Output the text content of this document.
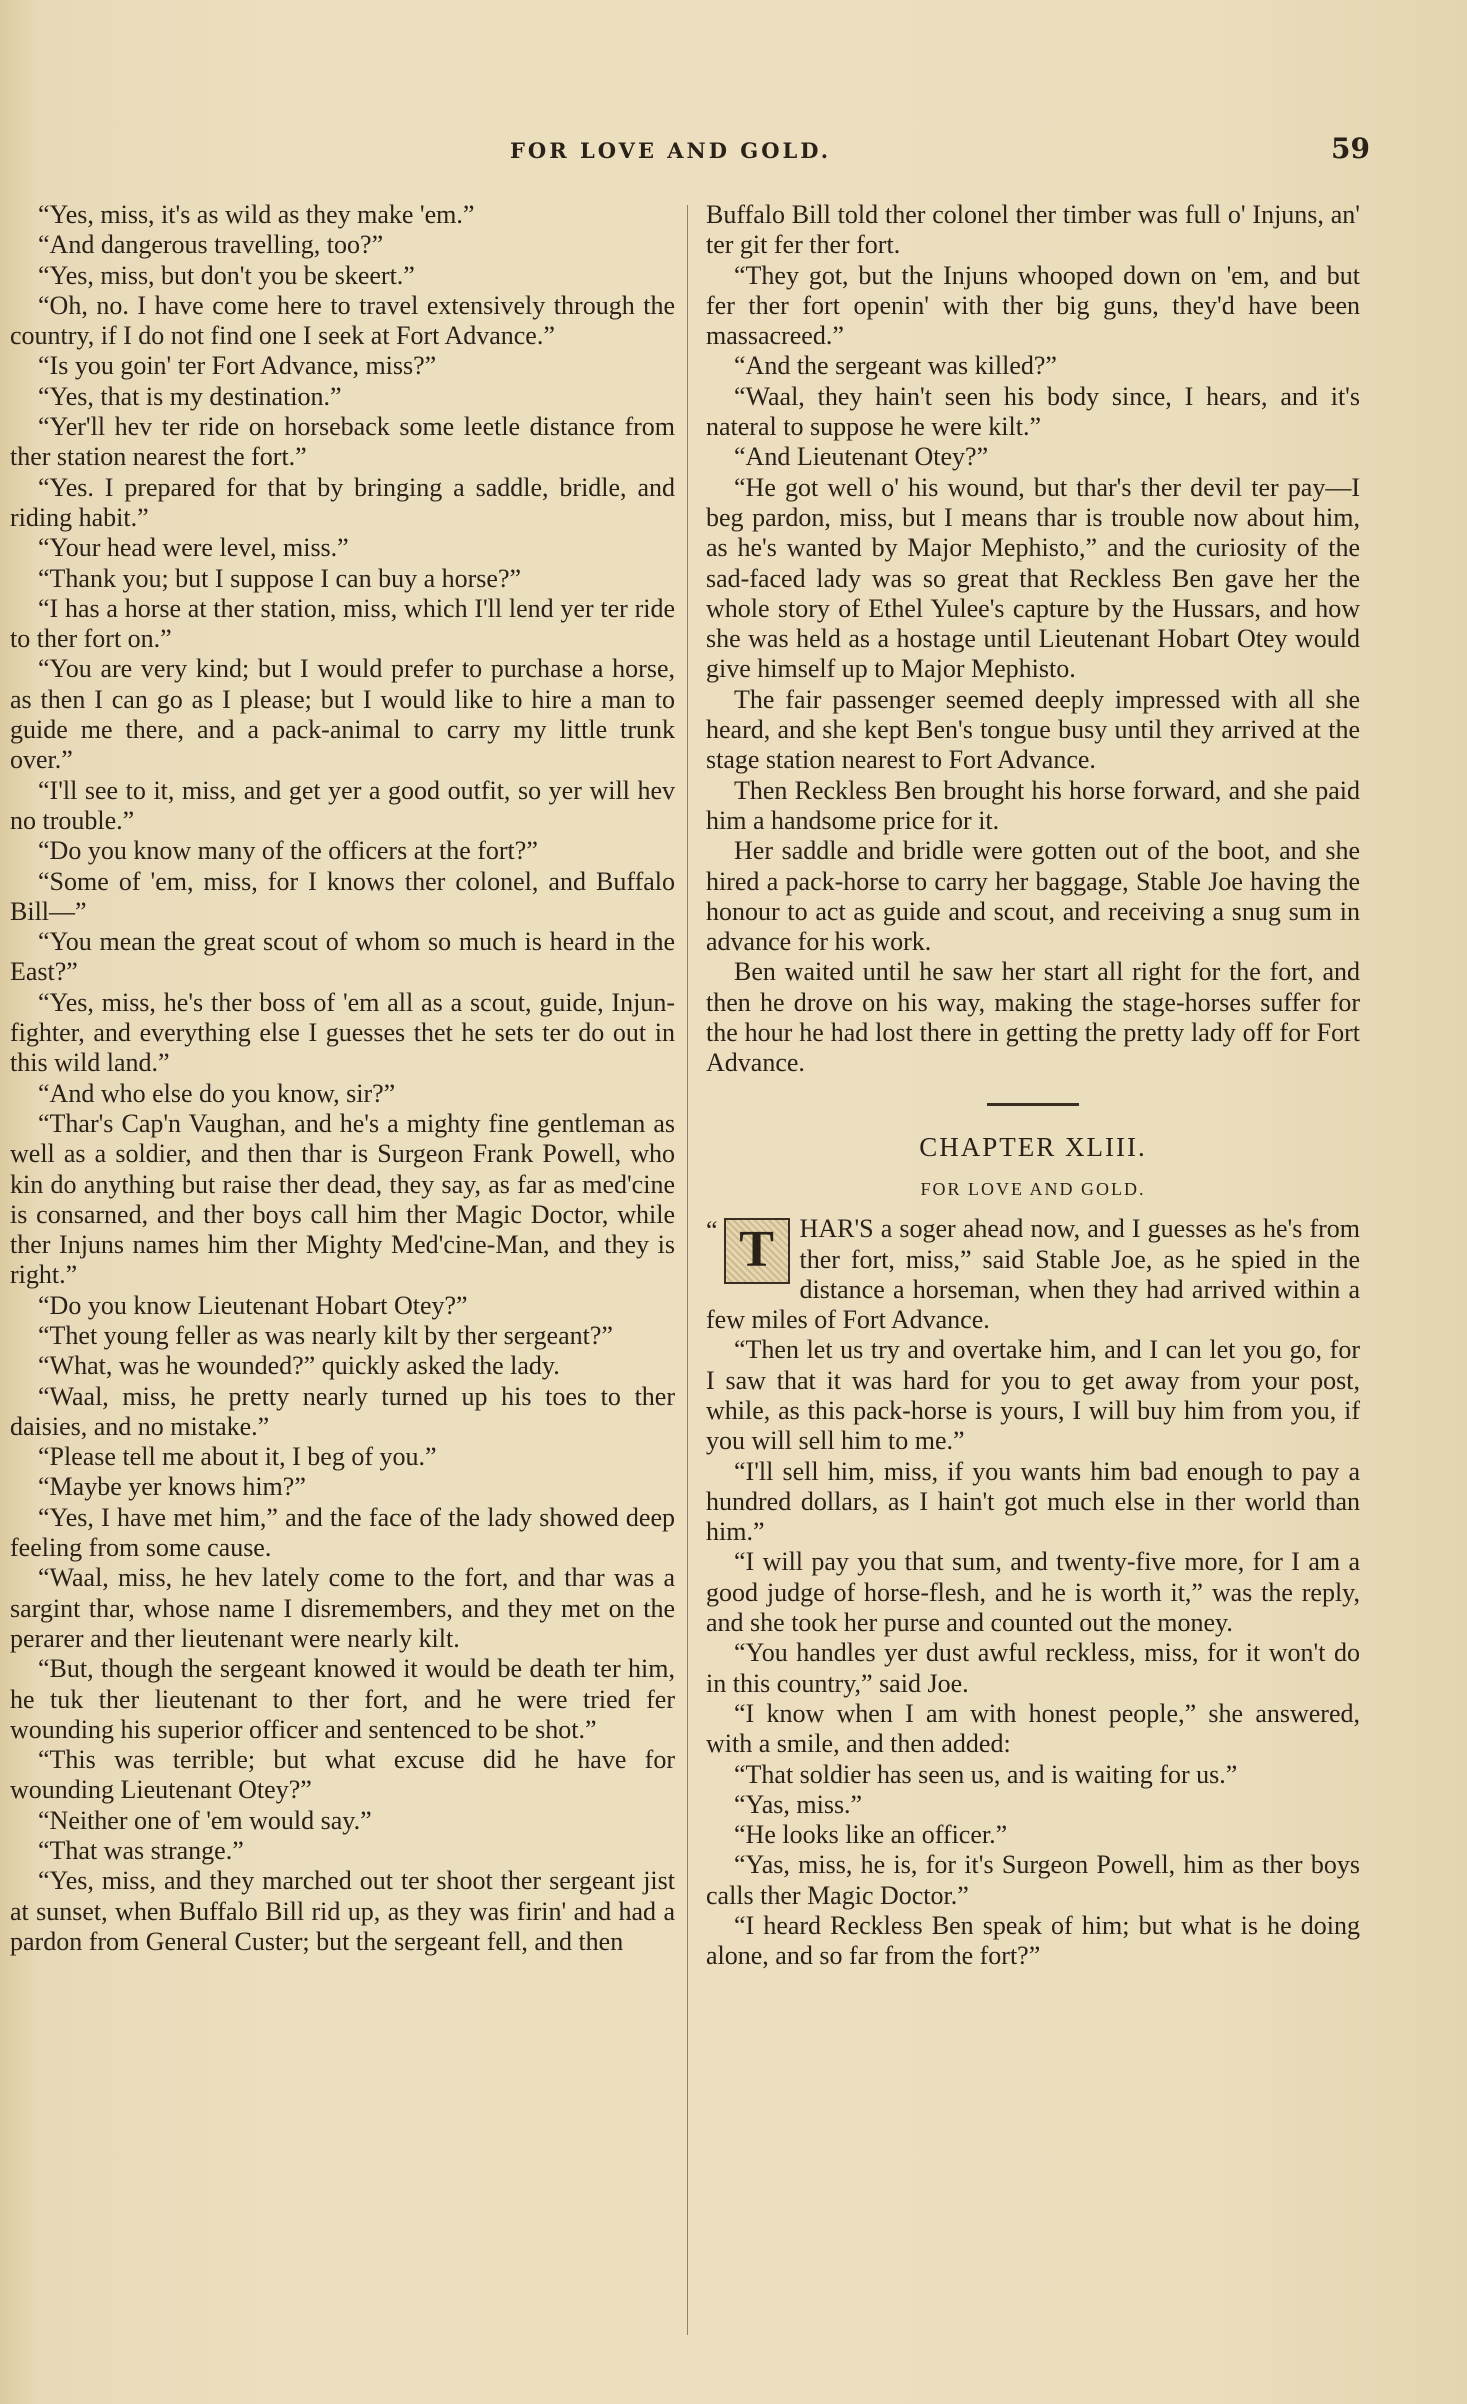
FOR LOVE AND GOLD.	59

“Yes, miss, it's as wild as they make 'em.”

“And dangerous travelling, too?”

“Yes, miss, but don't you be skeert.”

“Oh, no. I have come here to travel extensively through the country, if I do not find one I seek at Fort Advance.”

“Is you goin' ter Fort Advance, miss?”

“Yes, that is my destination.”

“Yer'll hev ter ride on horseback some leetle distance from ther station nearest the fort.”

“Yes. I prepared for that by bringing a saddle, bridle, and riding habit.”

“Your head were level, miss.”

“Thank you; but I suppose I can buy a horse?”

“I has a horse at ther station, miss, which I'll lend yer ter ride to ther fort on.”

“You are very kind; but I would prefer to purchase a horse, as then I can go as I please; but I would like to hire a man to guide me there, and a pack-animal to carry my little trunk over.”

“I'll see to it, miss, and get yer a good outfit, so yer will hev no trouble.”

“Do you know many of the officers at the fort?”

“Some of 'em, miss, for I knows ther colonel, and Buffalo Bill—”

“You mean the great scout of whom so much is heard in the East?”

“Yes, miss, he's ther boss of 'em all as a scout, guide, Injun-fighter, and everything else I guesses thet he sets ter do out in this wild land.”

“And who else do you know, sir?”

“Thar's Cap'n Vaughan, and he's a mighty fine gentleman as well as a soldier, and then thar is Surgeon Frank Powell, who kin do anything but raise ther dead, they say, as far as med'cine is consarned, and ther boys call him ther Magic Doctor, while ther Injuns names him ther Mighty Med'cine-Man, and they is right.”

“Do you know Lieutenant Hobart Otey?”

“Thet young feller as was nearly kilt by ther sergeant?”

“What, was he wounded?” quickly asked the lady.

“Waal, miss, he pretty nearly turned up his toes to ther daisies, and no mistake.”

“Please tell me about it, I beg of you.”

“Maybe yer knows him?”

“Yes, I have met him,” and the face of the lady showed deep feeling from some cause.

“Waal, miss, he hev lately come to the fort, and thar was a sargint thar, whose name I disremembers, and they met on the perarer and ther lieutenant were nearly kilt.

“But, though the sergeant knowed it would be death ter him, he tuk ther lieutenant to ther fort, and he were tried fer wounding his superior officer and sentenced to be shot.”

“This was terrible; but what excuse did he have for wounding Lieutenant Otey?”

“Neither one of 'em would say.”

“That was strange.”

“Yes, miss, and they marched out ter shoot ther sergeant jist at sunset, when Buffalo Bill rid up, as they was firin' and had a pardon from General Custer; but the sergeant fell, and then

Buffalo Bill told ther colonel ther timber was full o' Injuns, an' ter git fer ther fort.

“They got, but the Injuns whooped down on 'em, and but fer ther fort openin' with ther big guns, they'd have been massacreed.”

“And the sergeant was killed?”

“Waal, they hain't seen his body since, I hears, and it's nateral to suppose he were kilt.”

“And Lieutenant Otey?”

“He got well o' his wound, but thar's ther devil ter pay—I beg pardon, miss, but I means thar is trouble now about him, as he's wanted by Major Mephisto,” and the curiosity of the sad-faced lady was so great that Reckless Ben gave her the whole story of Ethel Yulee's capture by the Hussars, and how she was held as a hostage until Lieutenant Hobart Otey would give himself up to Major Mephisto.

The fair passenger seemed deeply impressed with all she heard, and she kept Ben's tongue busy until they arrived at the stage station nearest to Fort Advance.

Then Reckless Ben brought his horse forward, and she paid him a handsome price for it.

Her saddle and bridle were gotten out of the boot, and she hired a pack-horse to carry her baggage, Stable Joe having the honour to act as guide and scout, and receiving a snug sum in advance for his work.

Ben waited until he saw her start all right for the fort, and then he drove on his way, making the stage-horses suffer for the hour he had lost there in getting the pretty lady off for Fort Advance.

CHAPTER XLIII.
FOR LOVE AND GOLD.

“ T HAR'S a soger ahead now, and I guesses as he's from ther fort, miss,” said Stable Joe, as he spied in the distance a horseman, when they had arrived within a few miles of Fort Advance.

“Then let us try and overtake him, and I can let you go, for I saw that it was hard for you to get away from your post, while, as this pack-horse is yours, I will buy him from you, if you will sell him to me.”

“I'll sell him, miss, if you wants him bad enough to pay a hundred dollars, as I hain't got much else in ther world than him.”

“I will pay you that sum, and twenty-five more, for I am a good judge of horse-flesh, and he is worth it,” was the reply, and she took her purse and counted out the money.

“You handles yer dust awful reckless, miss, for it won't do in this country,” said Joe.

“I know when I am with honest people,” she answered, with a smile, and then added:

“That soldier has seen us, and is waiting for us.”

“Yas, miss.”

“He looks like an officer.”

“Yas, miss, he is, for it's Surgeon Powell, him as ther boys calls ther Magic Doctor.”

“I heard Reckless Ben speak of him; but what is he doing alone, and so far from the fort?”
